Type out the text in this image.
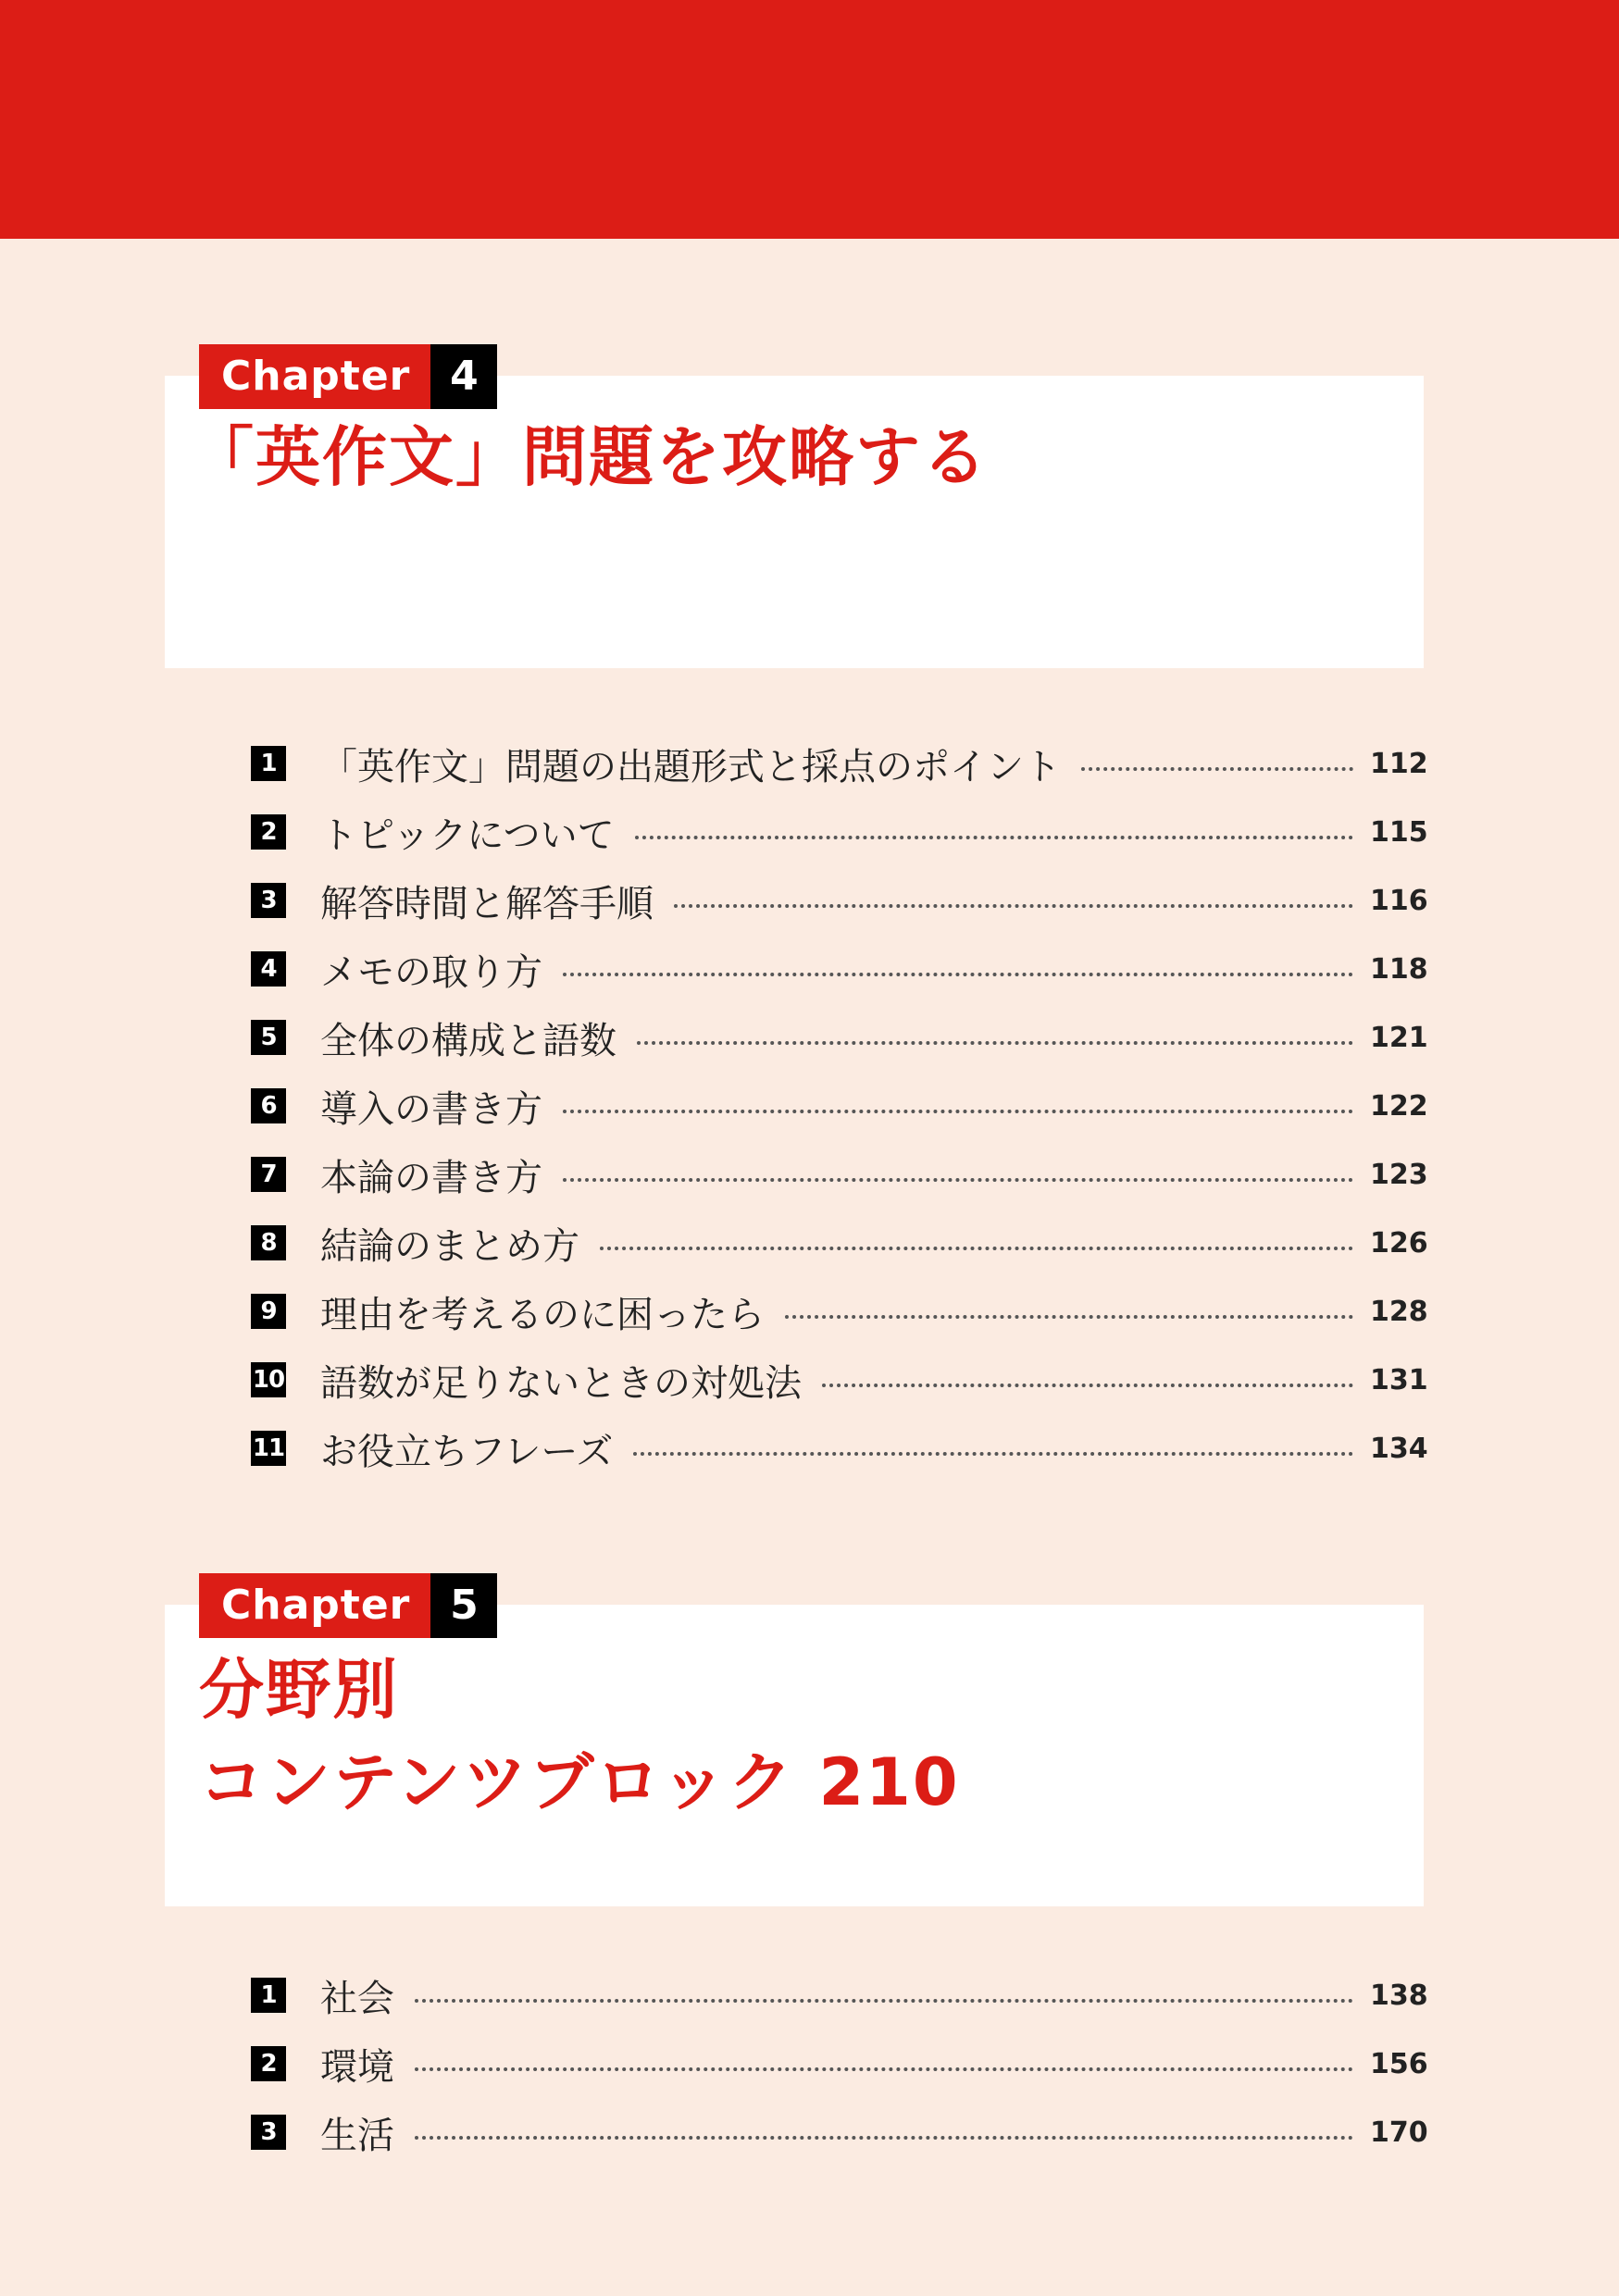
Chapter 4
「英作文」問題を攻略する
1 「英作文」問題の出題形式と採点のポイント	112
2 トピックについて	115
3 解答時間と解答手順	116
4 メモの取り方	118
5 全体の構成と語数	121
6 導入の書き方	122
7 本論の書き方	123
8 結論のまとめ方	126
9 理由を考えるのに困ったら	128
10 語数が足りないときの対処法	131
11 お役立ちフレーズ	134
Chapter 5
分野別
コンテンツブロック 210
1 社会	138
2 環境	156
3 生活	170
